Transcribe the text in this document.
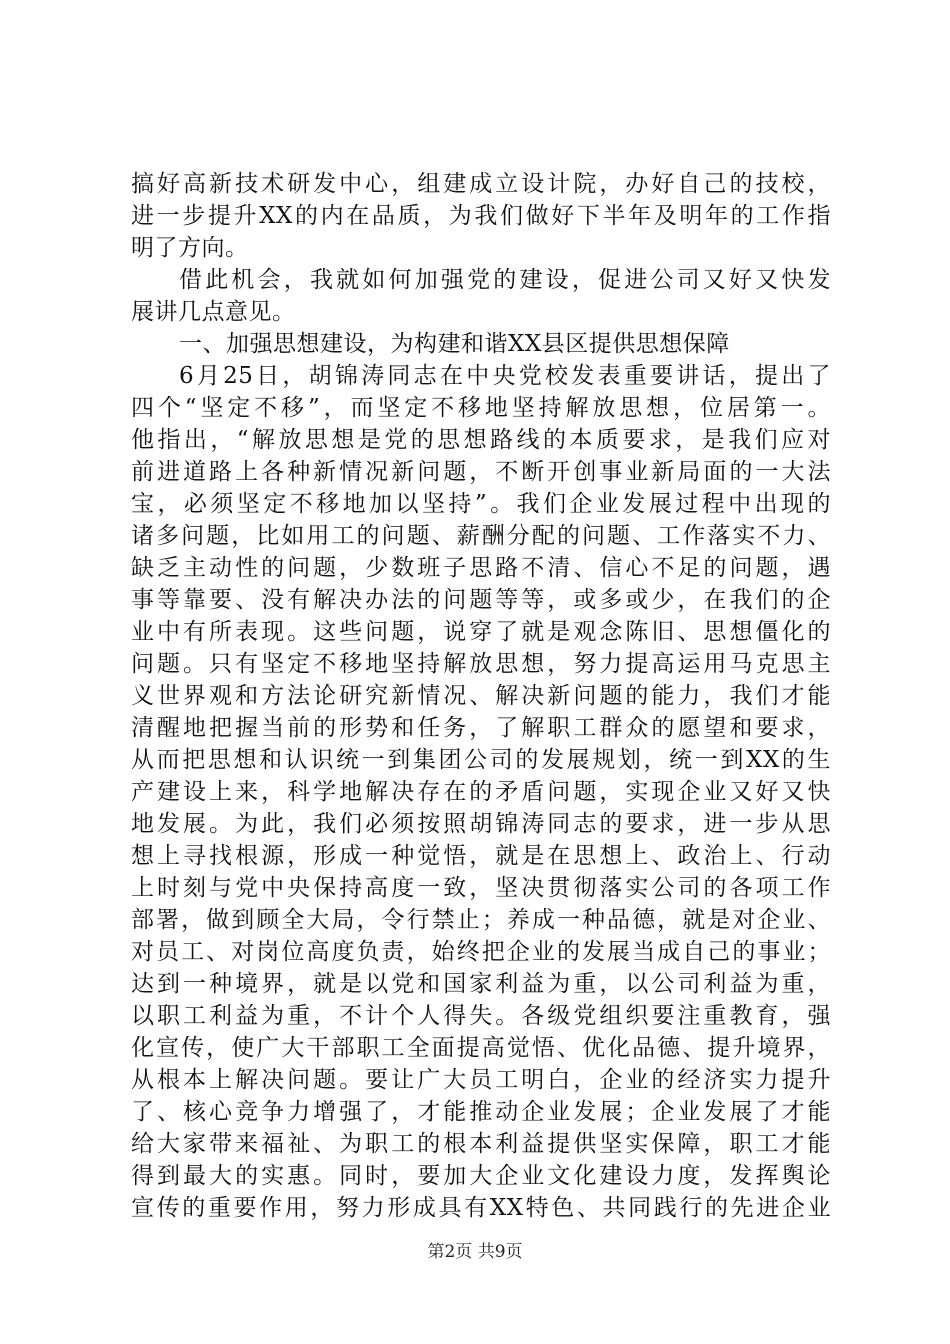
搞好高新技术研发中心，组建成立设计院，办好自己的技校，
进一步提升XX的内在品质，为我们做好下半年及明年的工作指
明了方向。
借此机会，我就如何加强党的建设，促进公司又好又快发
展讲几点意见。
一、加强思想建设，为构建和谐XX县区提供思想保障
6月25日，胡锦涛同志在中央党校发表重要讲话，提出了
四个“坚定不移”，而坚定不移地坚持解放思想，位居第一。
他指出，“解放思想是党的思想路线的本质要求，是我们应对
前进道路上各种新情况新问题，不断开创事业新局面的一大法
宝，必须坚定不移地加以坚持”。我们企业发展过程中出现的
诸多问题，比如用工的问题、薪酬分配的问题、工作落实不力、
缺乏主动性的问题，少数班子思路不清、信心不足的问题，遇
事等靠要、没有解决办法的问题等等，或多或少，在我们的企
业中有所表现。这些问题，说穿了就是观念陈旧、思想僵化的
问题。只有坚定不移地坚持解放思想，努力提高运用马克思主
义世界观和方法论研究新情况、解决新问题的能力，我们才能
清醒地把握当前的形势和任务，了解职工群众的愿望和要求，
从而把思想和认识统一到集团公司的发展规划，统一到XX的生
产建设上来，科学地解决存在的矛盾问题，实现企业又好又快
地发展。为此，我们必须按照胡锦涛同志的要求，进一步从思
想上寻找根源，形成一种觉悟，就是在思想上、政治上、行动
上时刻与党中央保持高度一致，坚决贯彻落实公司的各项工作
部署，做到顾全大局，令行禁止；养成一种品德，就是对企业、
对员工、对岗位高度负责，始终把企业的发展当成自己的事业；
达到一种境界，就是以党和国家利益为重，以公司利益为重，
以职工利益为重，不计个人得失。各级党组织要注重教育，强
化宣传，使广大干部职工全面提高觉悟、优化品德、提升境界，
从根本上解决问题。要让广大员工明白，企业的经济实力提升
了、核心竞争力增强了，才能推动企业发展；企业发展了才能
给大家带来福祉、为职工的根本利益提供坚实保障，职工才能
得到最大的实惠。同时，要加大企业文化建设力度，发挥舆论
宣传的重要作用，努力形成具有XX特色、共同践行的先进企业
第2页 共9页
